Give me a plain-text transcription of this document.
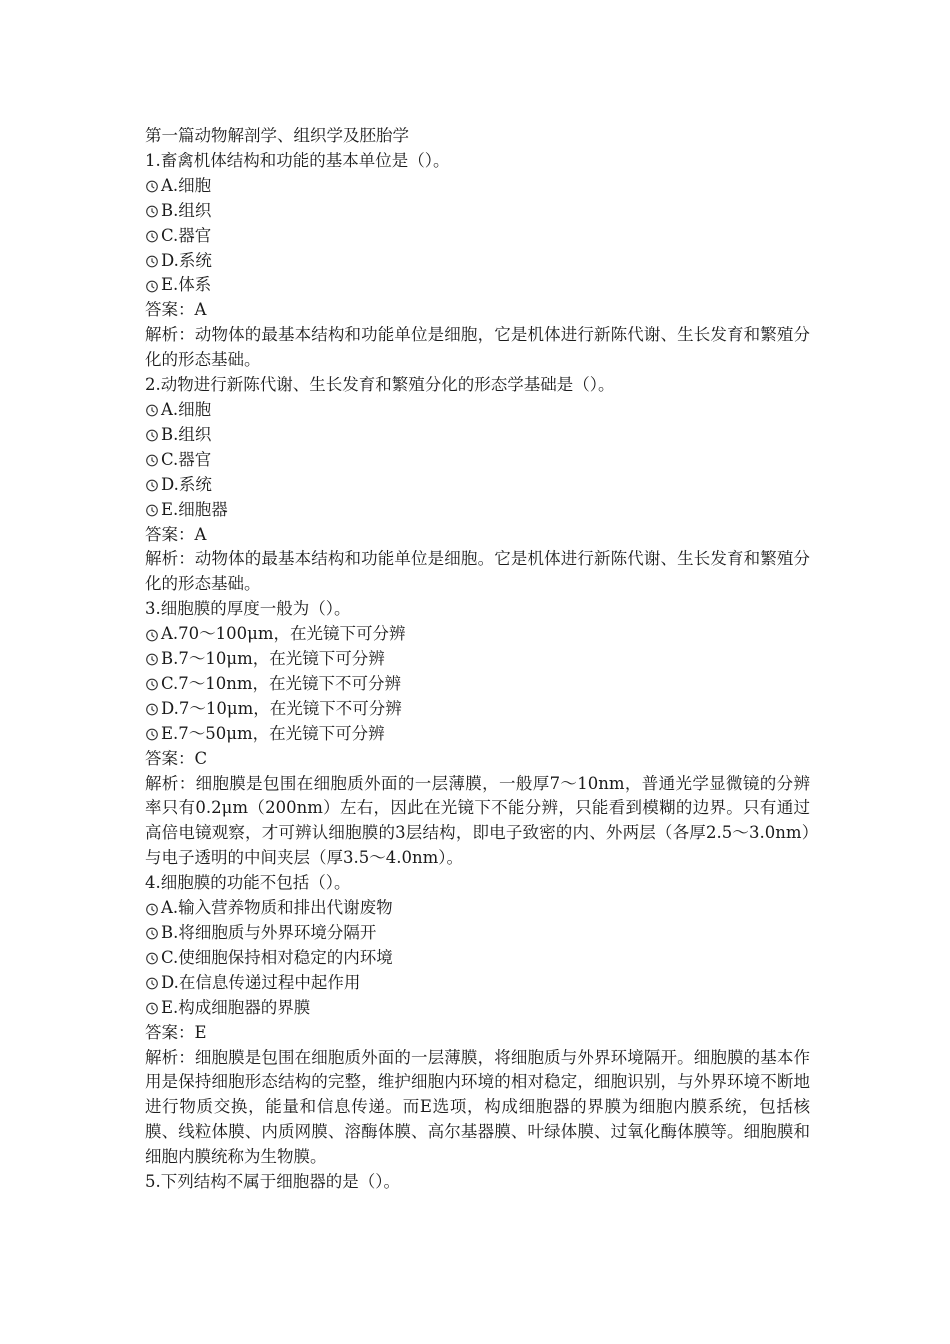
第一篇动物解剖学、组织学及胚胎学
1.畜禽机体结构和功能的基本单位是（）。
A.细胞
B.组织
C.器官
D.系统
E.体系
答案：A
解析：动物体的最基本结构和功能单位是细胞，它是机体进行新陈代谢、生长发育和繁殖分化的形态基础。
2.动物进行新陈代谢、生长发育和繁殖分化的形态学基础是（）。
A.细胞
B.组织
C.器官
D.系统
E.细胞器
答案：A
解析：动物体的最基本结构和功能单位是细胞。它是机体进行新陈代谢、生长发育和繁殖分化的形态基础。
3.细胞膜的厚度一般为（）。
A.70～100μm，在光镜下可分辨
B.7～10μm，在光镜下可分辨
C.7～10nm，在光镜下不可分辨
D.7～10μm，在光镜下不可分辨
E.7～50μm，在光镜下可分辨
答案：C
解析：细胞膜是包围在细胞质外面的一层薄膜，一般厚7～10nm，普通光学显微镜的分辨率只有0.2μm（200nm）左右，因此在光镜下不能分辨，只能看到模糊的边界。只有通过高倍电镜观察，才可辨认细胞膜的3层结构，即电子致密的内、外两层（各厚2.5～3.0nm）与电子透明的中间夹层（厚3.5～4.0nm）。
4.细胞膜的功能不包括（）。
A.输入营养物质和排出代谢废物
B.将细胞质与外界环境分隔开
C.使细胞保持相对稳定的内环境
D.在信息传递过程中起作用
E.构成细胞器的界膜
答案：E
解析：细胞膜是包围在细胞质外面的一层薄膜，将细胞质与外界环境隔开。细胞膜的基本作用是保持细胞形态结构的完整，维护细胞内环境的相对稳定，细胞识别，与外界环境不断地进行物质交换，能量和信息传递。而E选项，构成细胞器的界膜为细胞内膜系统，包括核膜、线粒体膜、内质网膜、溶酶体膜、高尔基器膜、叶绿体膜、过氧化酶体膜等。细胞膜和细胞内膜统称为生物膜。
5.下列结构不属于细胞器的是（）。
